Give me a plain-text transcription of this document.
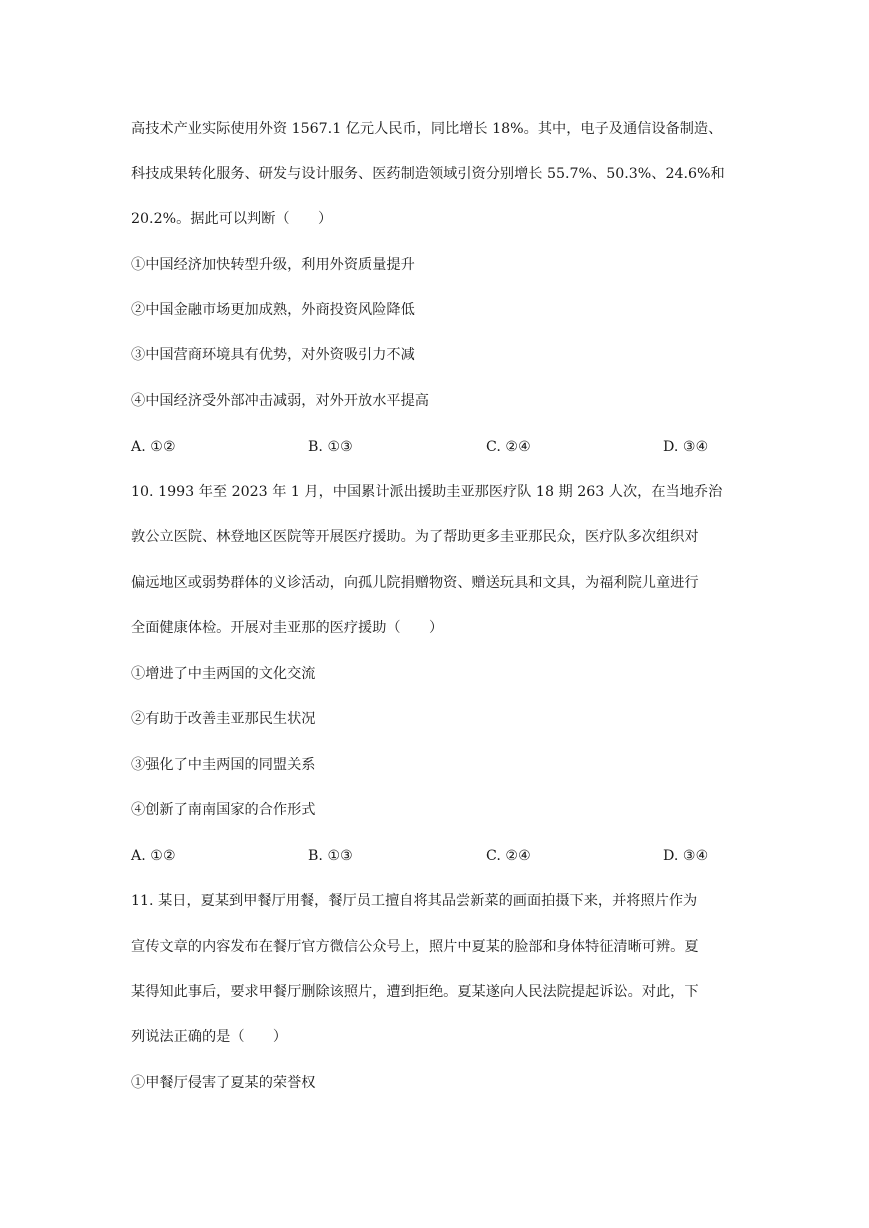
高技术产业实际使用外资 1567.1 亿元人民币，同比增长 18%。其中，电子及通信设备制造、
科技成果转化服务、研发与设计服务、医药制造领域引资分别增长 55.7%、50.3%、24.6%和
20.2%。据此可以判断（　　）
①中国经济加快转型升级，利用外资质量提升
②中国金融市场更加成熟，外商投资风险降低
③中国营商环境具有优势，对外资吸引力不减
④中国经济受外部冲击减弱，对外开放水平提高
A. ①②	B. ①③	C. ②④	D. ③④
10. 1993 年至 2023 年 1 月，中国累计派出援助圭亚那医疗队 18 期 263 人次，在当地乔治
敦公立医院、林登地区医院等开展医疗援助。为了帮助更多圭亚那民众，医疗队多次组织对
偏远地区或弱势群体的义诊活动，向孤儿院捐赠物资、赠送玩具和文具，为福利院儿童进行
全面健康体检。开展对圭亚那的医疗援助（　　）
①增进了中圭两国的文化交流
②有助于改善圭亚那民生状况
③强化了中圭两国的同盟关系
④创新了南南国家的合作形式
A. ①②	B. ①③	C. ②④	D. ③④
11. 某日，夏某到甲餐厅用餐，餐厅员工擅自将其品尝新菜的画面拍摄下来，并将照片作为
宣传文章的内容发布在餐厅官方微信公众号上，照片中夏某的脸部和身体特征清晰可辨。夏
某得知此事后，要求甲餐厅删除该照片，遭到拒绝。夏某遂向人民法院提起诉讼。对此，下
列说法正确的是（　　）
①甲餐厅侵害了夏某的荣誉权
